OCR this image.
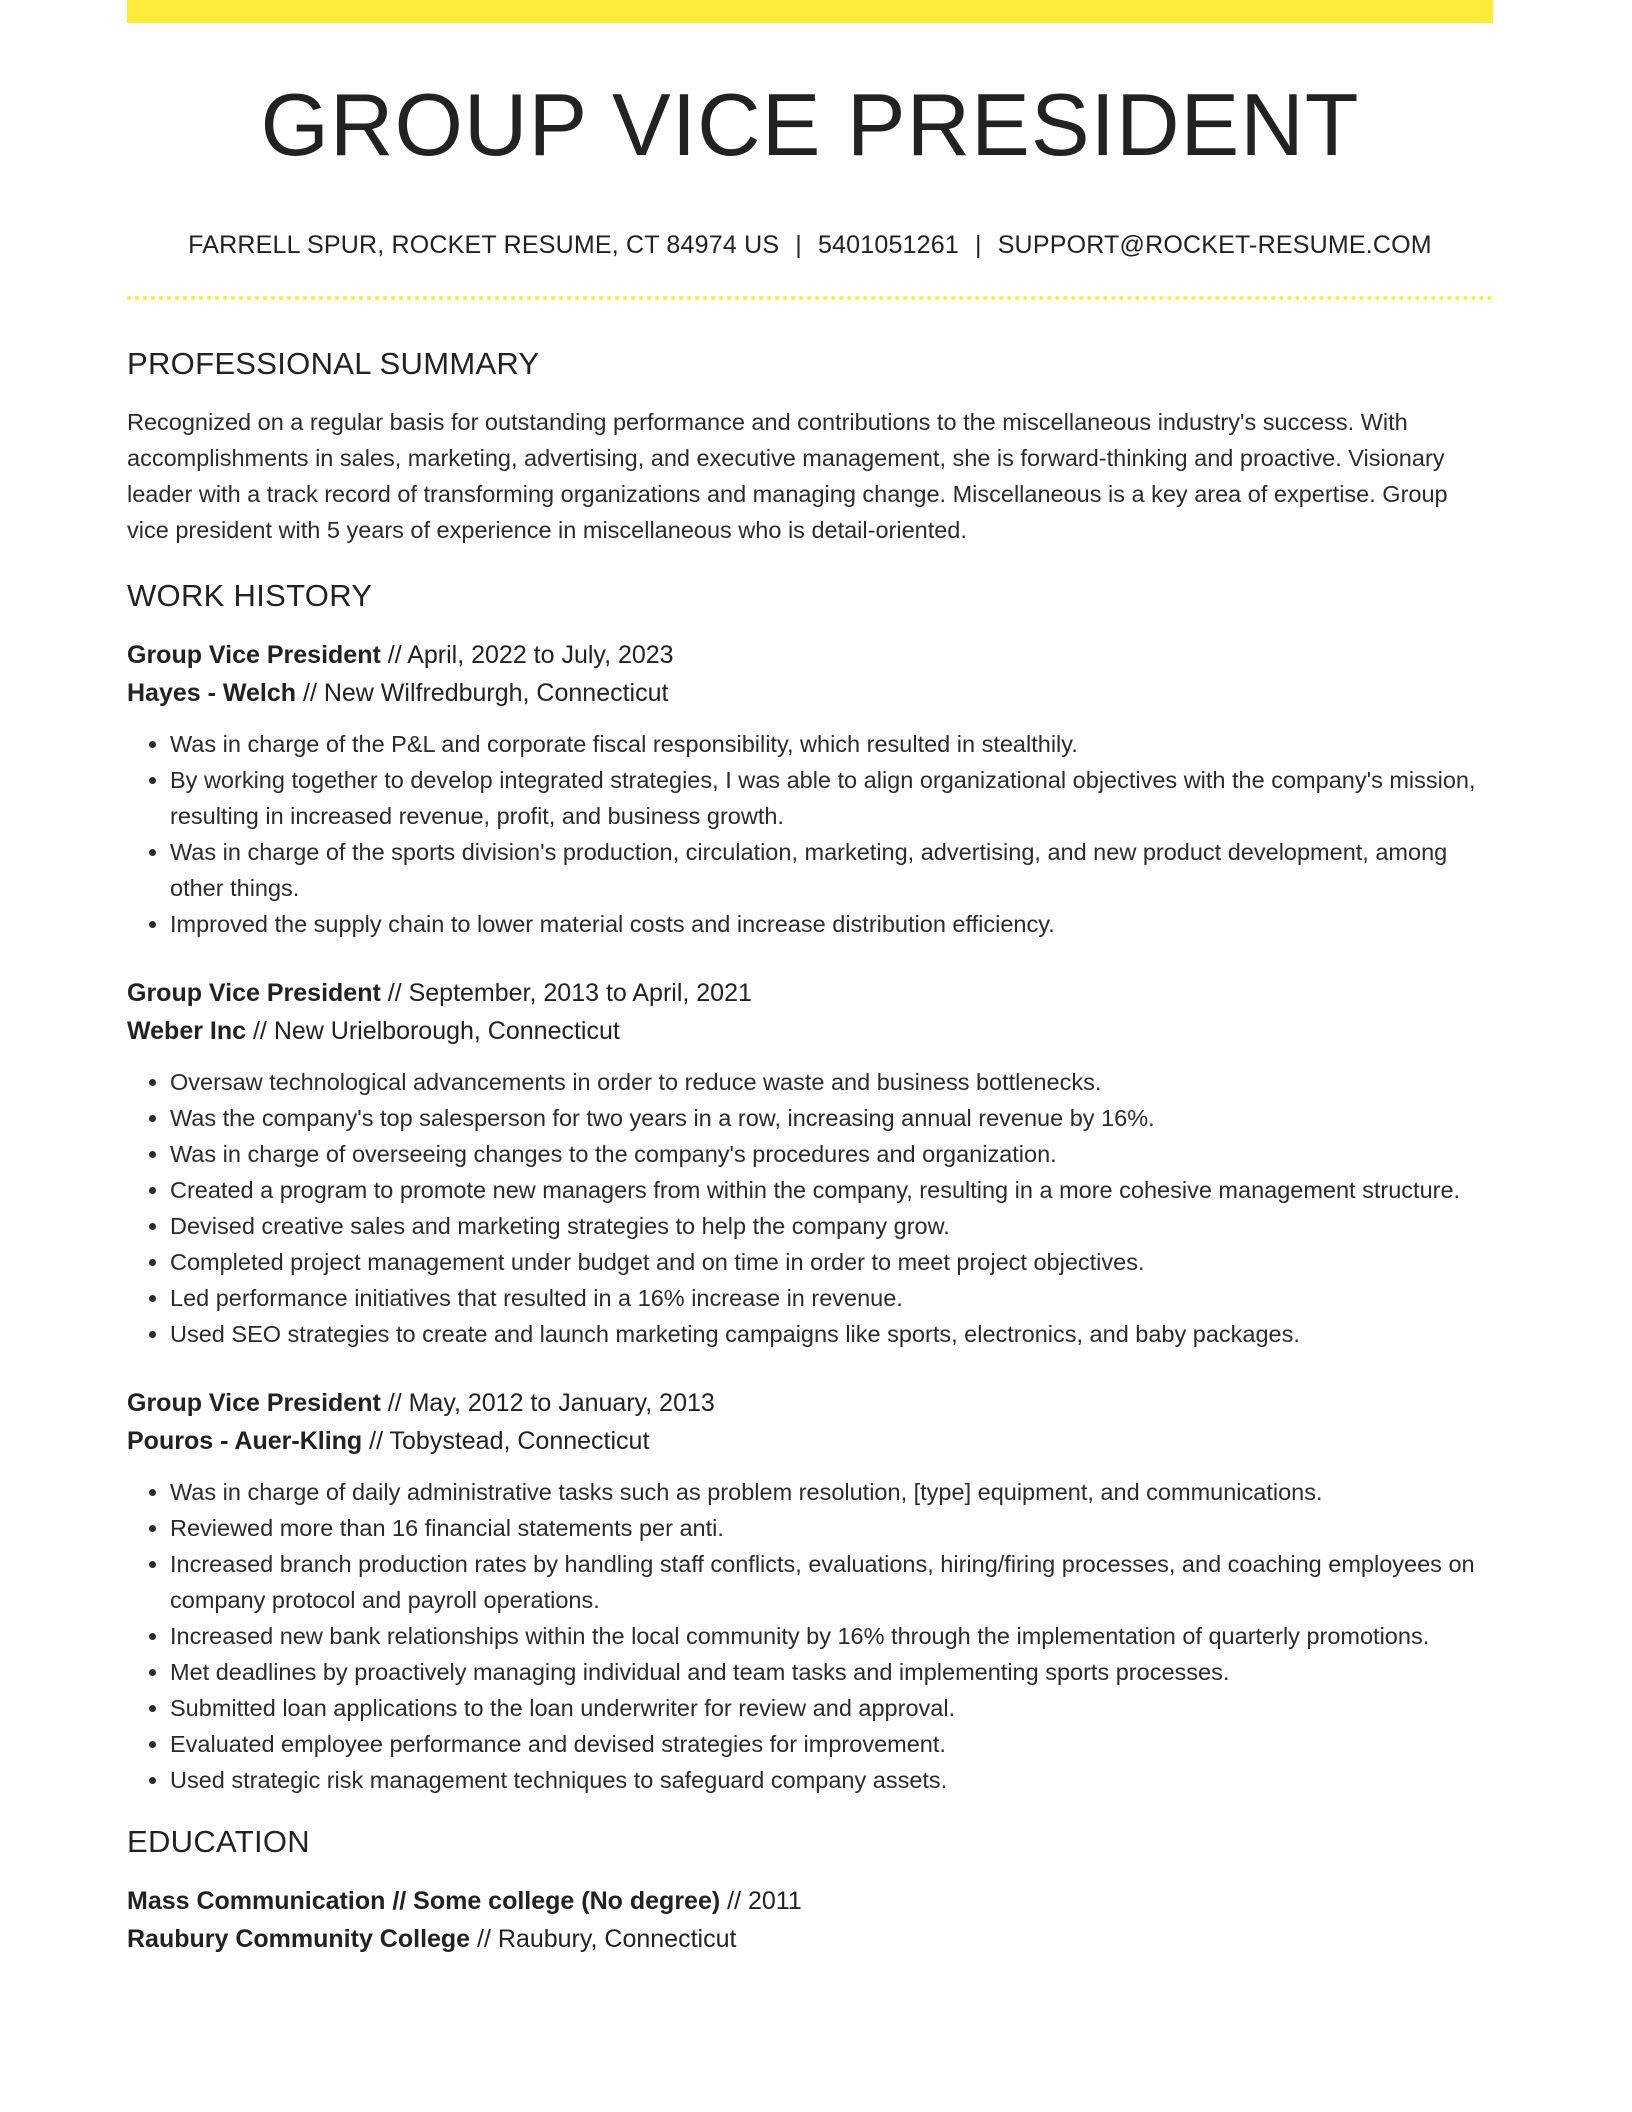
GROUP VICE PRESIDENT
FARRELL SPUR, ROCKET RESUME, CT 84974 US | 5401051261 | SUPPORT@ROCKET-RESUME.COM
PROFESSIONAL SUMMARY
Recognized on a regular basis for outstanding performance and contributions to the miscellaneous industry's success. With accomplishments in sales, marketing, advertising, and executive management, she is forward-thinking and proactive. Visionary leader with a track record of transforming organizations and managing change. Miscellaneous is a key area of expertise. Group vice president with 5 years of experience in miscellaneous who is detail-oriented.
WORK HISTORY
Group Vice President // April, 2022 to July, 2023
Hayes - Welch // New Wilfredburgh, Connecticut
• Was in charge of the P&L and corporate fiscal responsibility, which resulted in stealthily.
• By working together to develop integrated strategies, I was able to align organizational objectives with the company's mission, resulting in increased revenue, profit, and business growth.
• Was in charge of the sports division's production, circulation, marketing, advertising, and new product development, among other things.
• Improved the supply chain to lower material costs and increase distribution efficiency.
Group Vice President // September, 2013 to April, 2021
Weber Inc // New Urielborough, Connecticut
• Oversaw technological advancements in order to reduce waste and business bottlenecks.
• Was the company's top salesperson for two years in a row, increasing annual revenue by 16%.
• Was in charge of overseeing changes to the company's procedures and organization.
• Created a program to promote new managers from within the company, resulting in a more cohesive management structure.
• Devised creative sales and marketing strategies to help the company grow.
• Completed project management under budget and on time in order to meet project objectives.
• Led performance initiatives that resulted in a 16% increase in revenue.
• Used SEO strategies to create and launch marketing campaigns like sports, electronics, and baby packages.
Group Vice President // May, 2012 to January, 2013
Pouros - Auer-Kling // Tobystead, Connecticut
• Was in charge of daily administrative tasks such as problem resolution, [type] equipment, and communications.
• Reviewed more than 16 financial statements per anti.
• Increased branch production rates by handling staff conflicts, evaluations, hiring/firing processes, and coaching employees on company protocol and payroll operations.
• Increased new bank relationships within the local community by 16% through the implementation of quarterly promotions.
• Met deadlines by proactively managing individual and team tasks and implementing sports processes.
• Submitted loan applications to the loan underwriter for review and approval.
• Evaluated employee performance and devised strategies for improvement.
• Used strategic risk management techniques to safeguard company assets.
EDUCATION
Mass Communication // Some college (No degree) // 2011
Raubury Community College // Raubury, Connecticut
